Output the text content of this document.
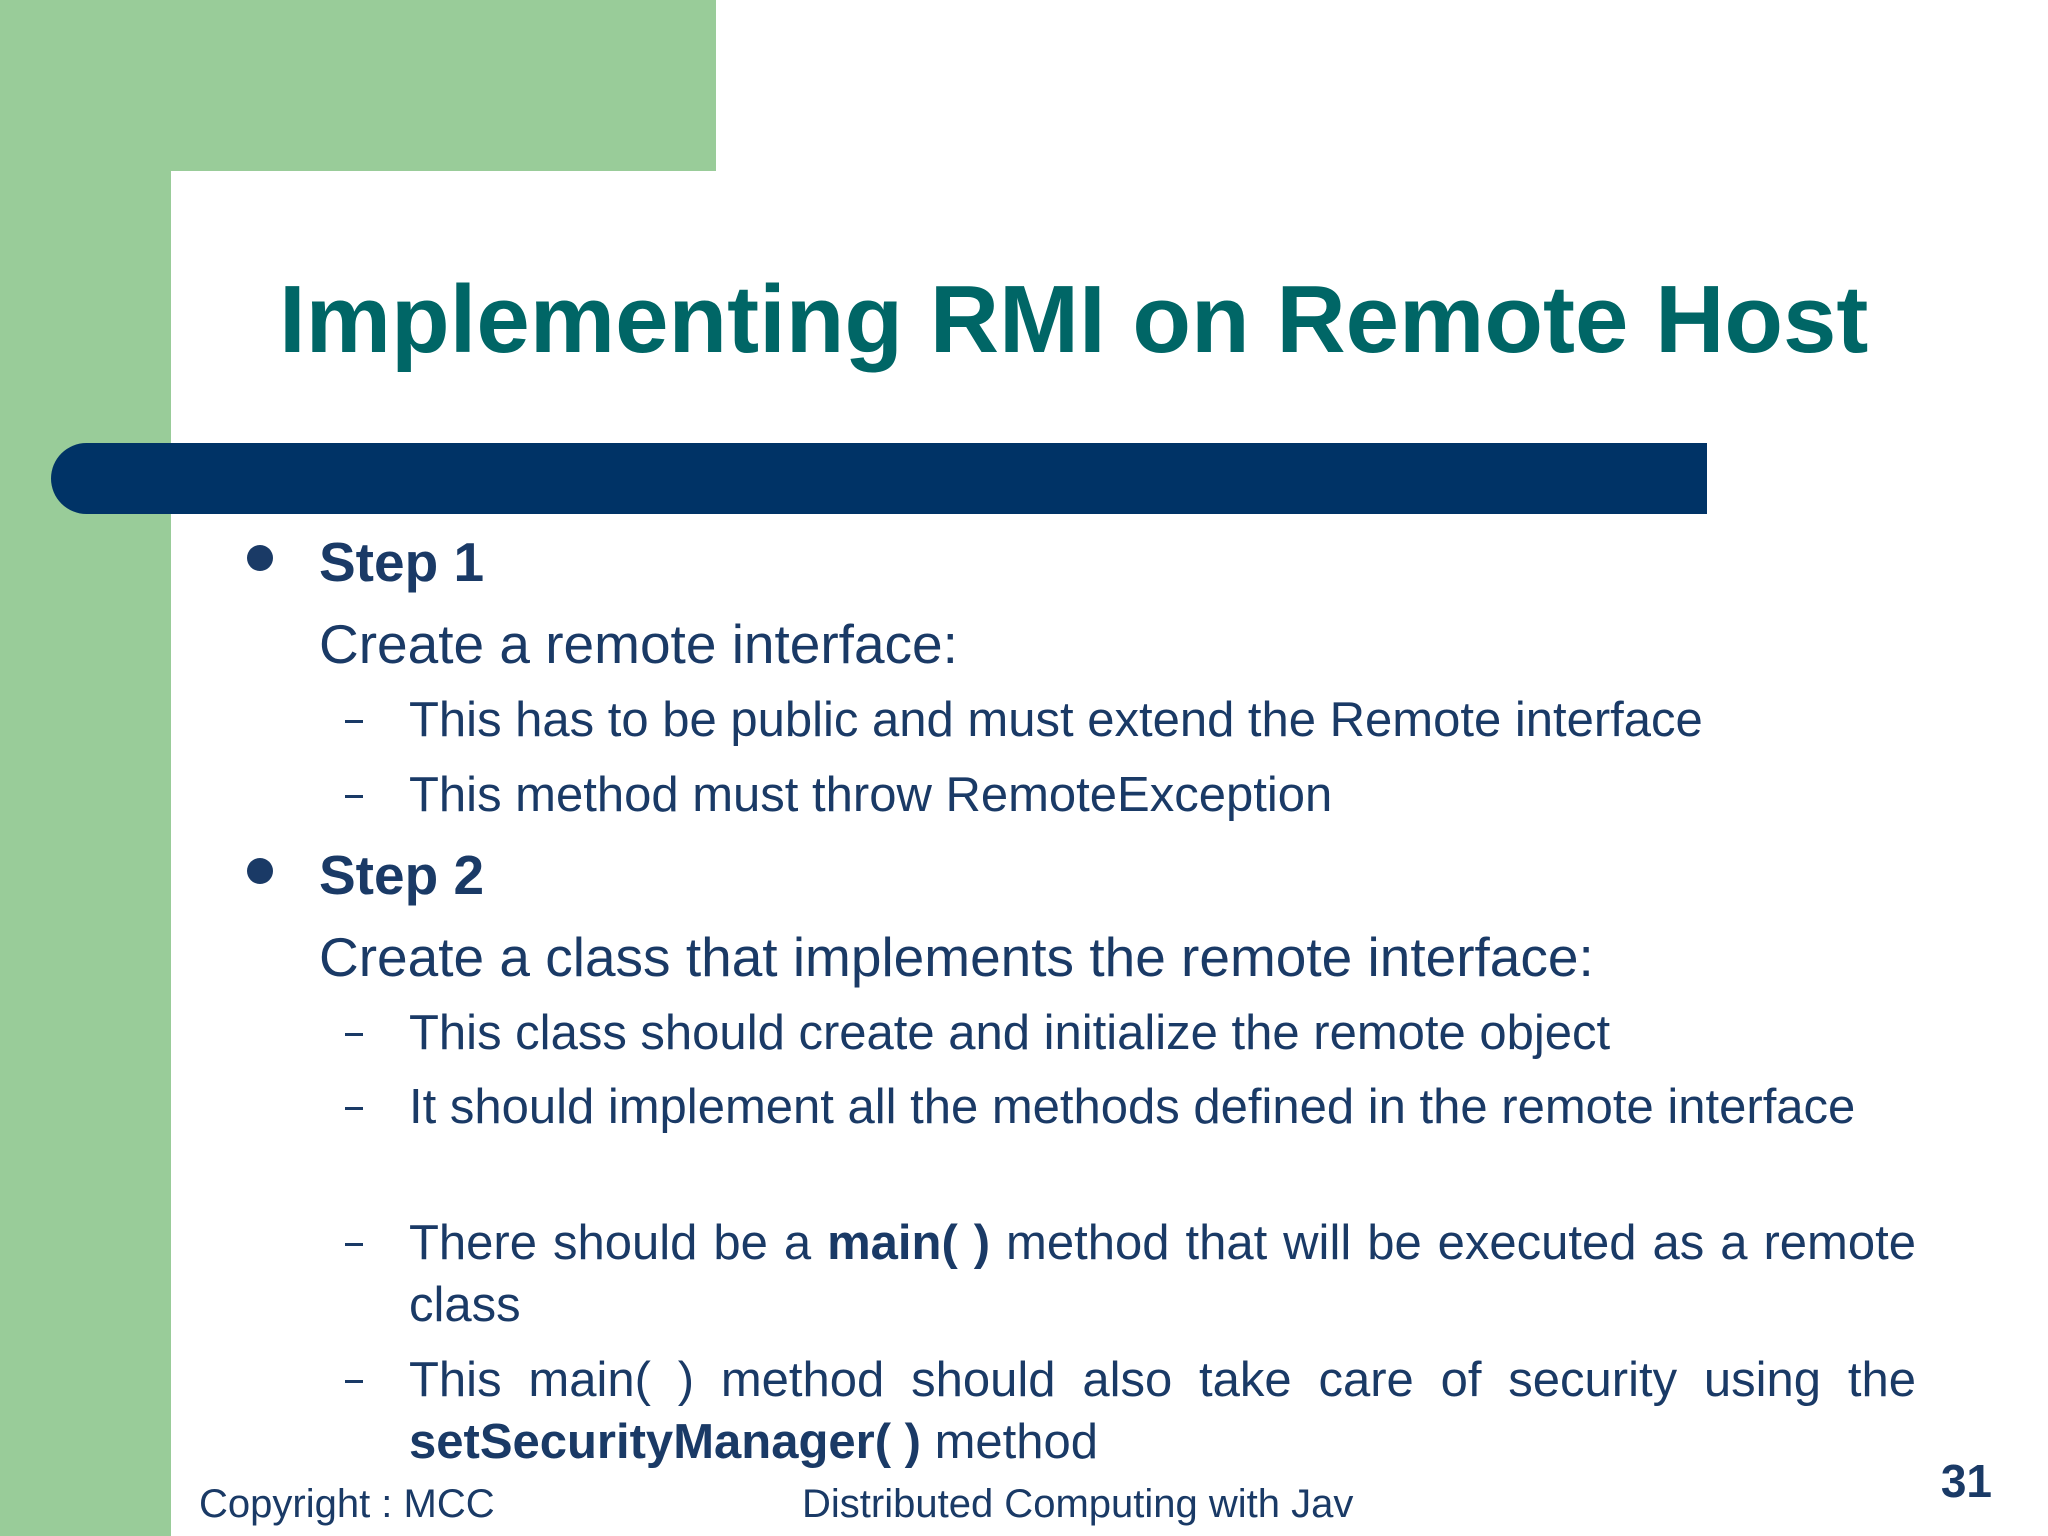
Implementing RMI on Remote Host
Step 1
Create a remote interface:
This has to be public and must extend the Remote interface
This method must throw RemoteException
Step 2
Create a class that implements the remote interface:
This class should create and initialize the remote object
It should implement all the methods defined in the remote interface
There should be a main( ) method that will be executed as a remote class
This main( ) method should also take care of security using the setSecurityManager( ) method
Copyright : MCC	Distributed Computing with Jav	31
